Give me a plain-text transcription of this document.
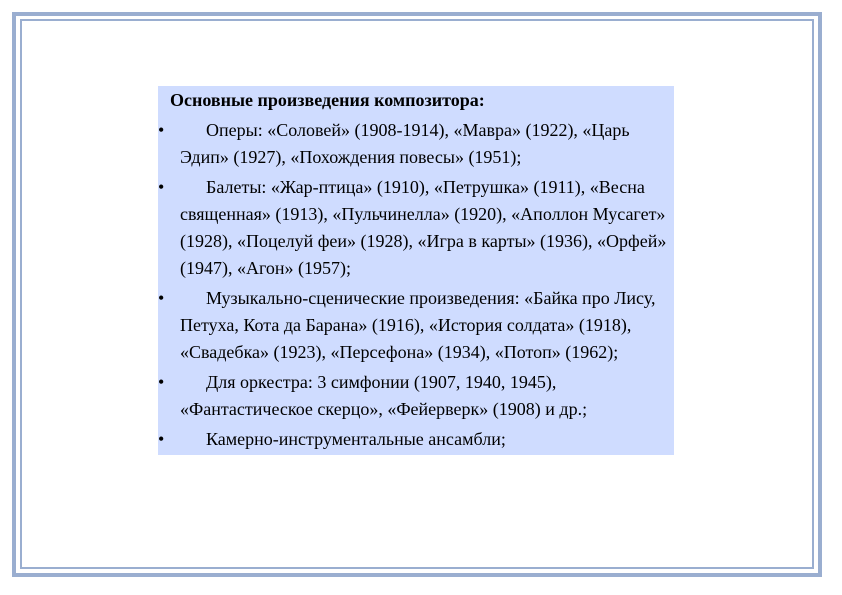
Основные произведения композитора:
•	Оперы: «Соловей» (1908-1914), «Мавра» (1922), «Царь Эдип» (1927), «Похождения повесы» (1951);
•	Балеты: «Жар-птица» (1910), «Петрушка» (1911), «Весна священная» (1913), «Пульчинелла» (1920), «Аполлон Мусагет» (1928), «Поцелуй феи» (1928), «Игра в карты» (1936), «Орфей» (1947), «Агон» (1957);
•	Музыкально-сценические произведения: «Байка про Лису, Петуха, Кота да Барана» (1916), «История солдата» (1918), «Свадебка» (1923), «Персефона» (1934), «Потоп» (1962);
•	Для оркестра: 3 симфонии (1907, 1940, 1945), «Фантастическое скерцо», «Фейерверк» (1908) и др.;
•	Камерно-инструментальные ансамбли;
